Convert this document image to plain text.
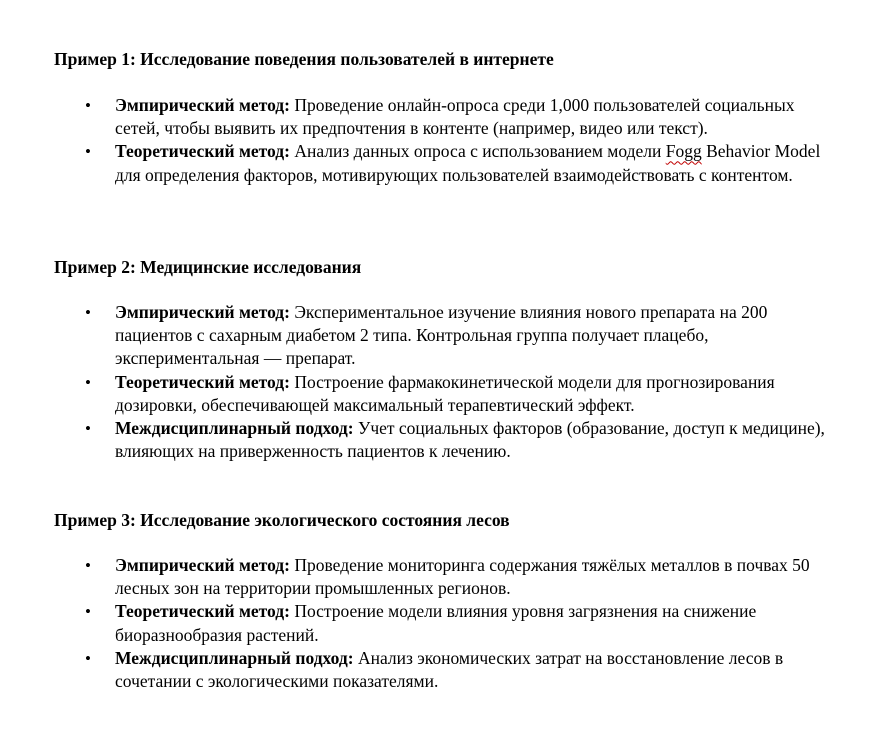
Пример 1: Исследование поведения пользователей в интернете
• Эмпирический метод: Проведение онлайн-опроса среди 1,000 пользователей социальных сетей, чтобы выявить их предпочтения в контенте (например, видео или текст).
• Теоретический метод: Анализ данных опроса с использованием модели Fogg Behavior Model для определения факторов, мотивирующих пользователей взаимодействовать с контентом.
Пример 2: Медицинские исследования
• Эмпирический метод: Экспериментальное изучение влияния нового препарата на 200 пациентов с сахарным диабетом 2 типа. Контрольная группа получает плацебо, экспериментальная — препарат.
• Теоретический метод: Построение фармакокинетической модели для прогнозирования дозировки, обеспечивающей максимальный терапевтический эффект.
• Междисциплинарный подход: Учет социальных факторов (образование, доступ к медицине), влияющих на приверженность пациентов к лечению.
Пример 3: Исследование экологического состояния лесов
• Эмпирический метод: Проведение мониторинга содержания тяжёлых металлов в почвах 50 лесных зон на территории промышленных регионов.
• Теоретический метод: Построение модели влияния уровня загрязнения на снижение биоразнообразия растений.
• Междисциплинарный подход: Анализ экономических затрат на восстановление лесов в сочетании с экологическими показателями.
